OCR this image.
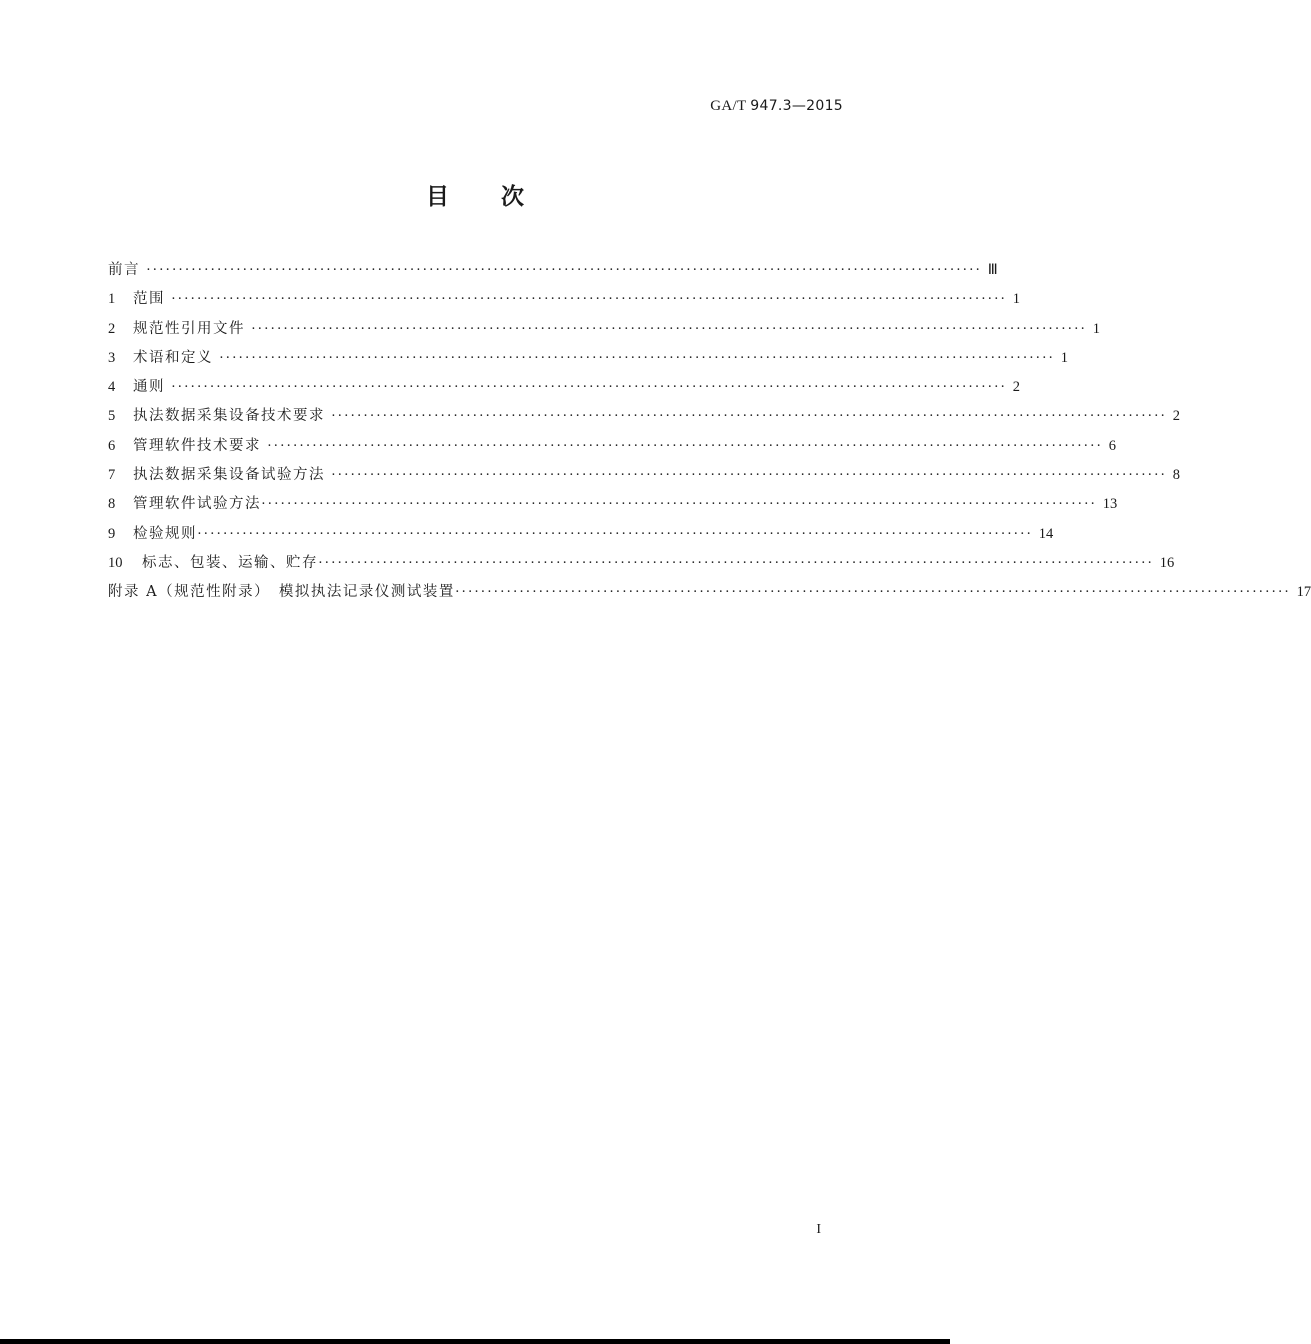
GA/T 947.3—2015
目 次
前言 ·································································································································· Ⅲ
1	范围 ·································································································································· 1
2	规范性引用文件 ·································································································································· 1
3	术语和定义 ·································································································································· 1
4	通则 ·································································································································· 2
5	执法数据采集设备技术要求 ·································································································································· 2
6	管理软件技术要求 ·································································································································· 6
7	执法数据采集设备试验方法 ·································································································································· 8
8	管理软件试验方法 ·································································································································· 13
9	检验规则 ·································································································································· 14
10	标志、包装、运输、贮存 ·································································································································· 16
附录 A（规范性附录）　模拟执法记录仪测试装置 ·································································································································· 17
I
